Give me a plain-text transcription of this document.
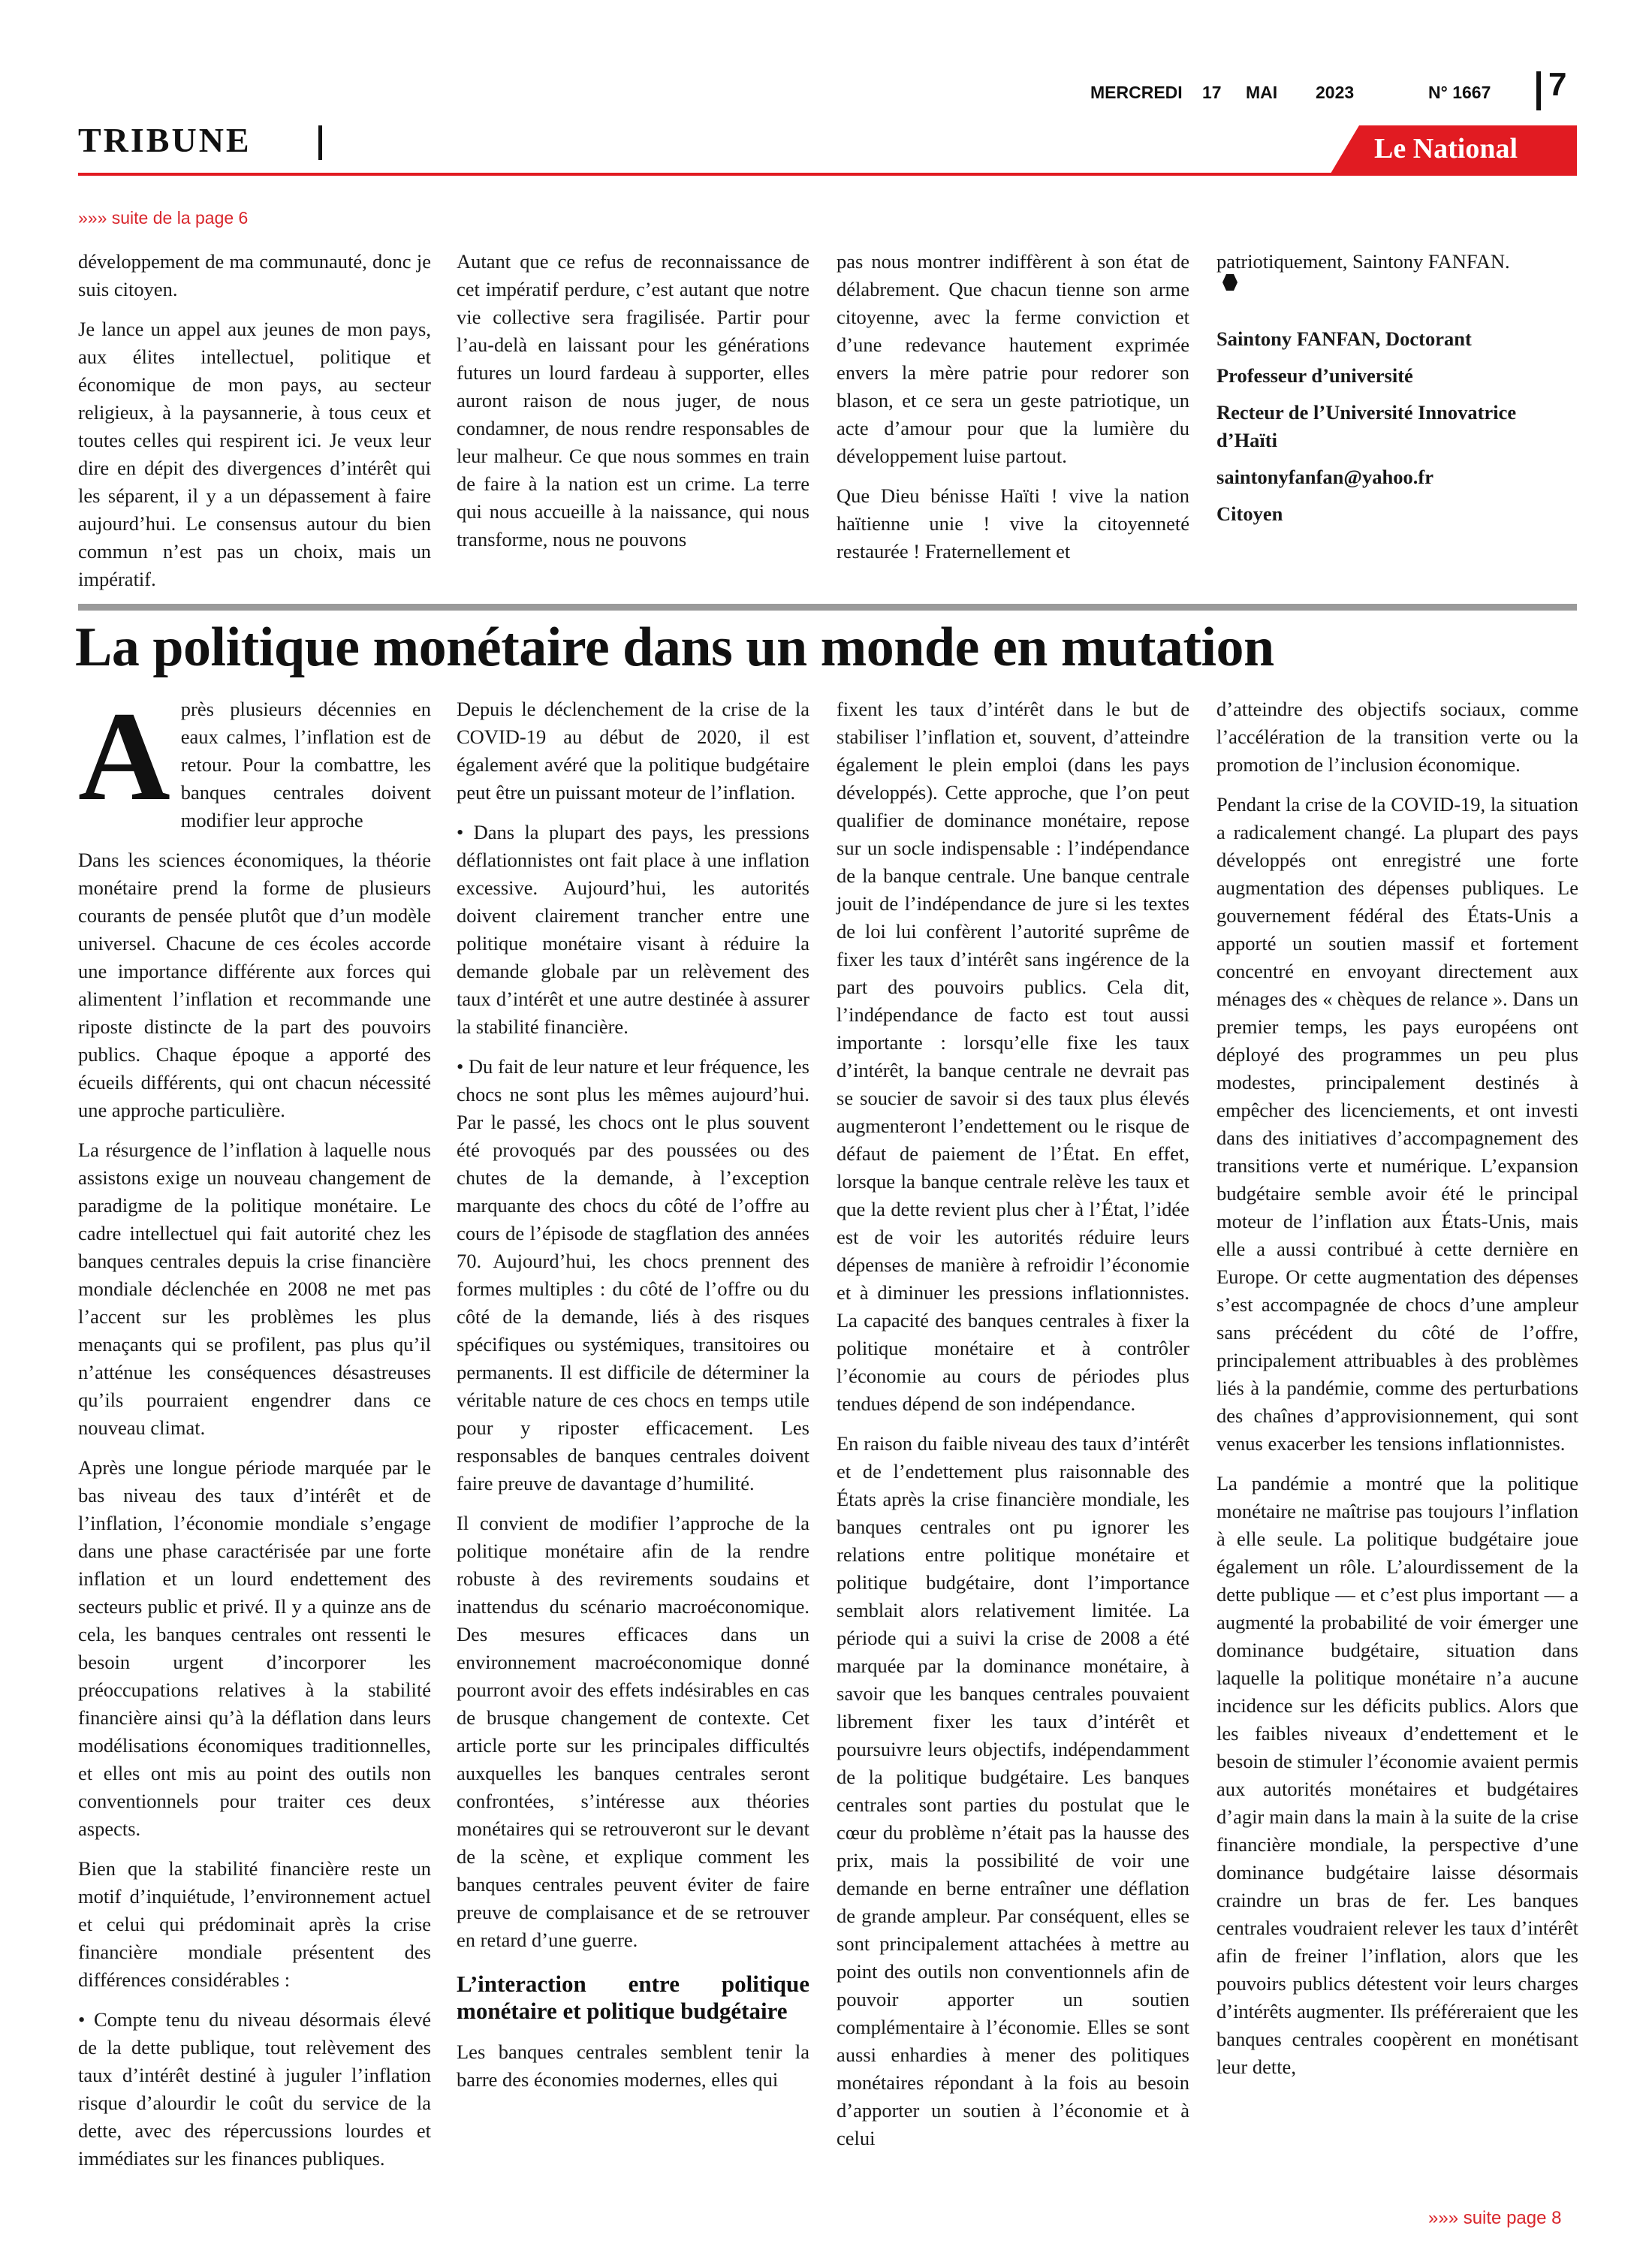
MERCREDI 17 MAI 2023	N° 1667 7
TRIBUNE	Le National
»»» suite de la page 6

développement de ma communauté, donc je suis citoyen.

Je lance un appel aux jeunes de mon pays, aux élites intellectuel, politique et économique de mon pays, au secteur religieux, à la paysannerie, à tous ceux et toutes celles qui respirent ici. Je veux leur dire en dépit des divergences d’intérêt qui les séparent, il y a un dépassement à faire aujourd’hui. Le consensus autour du bien commun n’est pas un choix, mais un impératif.

Autant que ce refus de reconnaissance de cet impératif perdure, c’est autant que notre vie collective sera fragilisée. Partir pour l’au-delà en laissant pour les générations futures un lourd fardeau à supporter, elles auront raison de nous juger, de nous condamner, de nous rendre responsables de leur malheur. Ce que nous sommes en train de faire à la nation est un crime. La terre qui nous accueille à la naissance, qui nous transforme, nous ne pouvons

pas nous montrer indiffèrent à son état de délabrement. Que chacun tienne son arme citoyenne, avec la ferme conviction et d’une redevance hautement exprimée envers la mère patrie pour redorer son blason, et ce sera un geste patriotique, un acte d’amour pour que la lumière du développement luise partout.

Que Dieu bénisse Haïti ! vive la nation haïtienne unie ! vive la citoyenneté restaurée ! Fraternellement et

patriotiquement, Saintony FANFAN.

Saintony FANFAN, Doctorant

Professeur d’université

Recteur de l’Université Innovatrice d’Haïti

saintonyfanfan@yahoo.fr

Citoyen

La politique monétaire dans un monde en mutation

Après plusieurs décennies en eaux calmes, l’inflation est de retour. Pour la combattre, les banques centrales doivent modifier leur approche

Dans les sciences économiques, la théorie monétaire prend la forme de plusieurs courants de pensée plutôt que d’un modèle universel. Chacune de ces écoles accorde une importance différente aux forces qui alimentent l’inflation et recommande une riposte distincte de la part des pouvoirs publics. Chaque époque a apporté des écueils différents, qui ont chacun nécessité une approche particulière.

La résurgence de l’inflation à laquelle nous assistons exige un nouveau changement de paradigme de la politique monétaire. Le cadre intellectuel qui fait autorité chez les banques centrales depuis la crise financière mondiale déclenchée en 2008 ne met pas l’accent sur les problèmes les plus menaçants qui se profilent, pas plus qu’il n’atténue les conséquences désastreuses qu’ils pourraient engendrer dans ce nouveau climat.

Après une longue période marquée par le bas niveau des taux d’intérêt et de l’inflation, l’économie mondiale s’engage dans une phase caractérisée par une forte inflation et un lourd endettement des secteurs public et privé. Il y a quinze ans de cela, les banques centrales ont ressenti le besoin urgent d’incorporer les préoccupations relatives à la stabilité financière ainsi qu’à la déflation dans leurs modélisations économiques traditionnelles, et elles ont mis au point des outils non conventionnels pour traiter ces deux aspects.

Bien que la stabilité financière reste un motif d’inquiétude, l’environnement actuel et celui qui prédominait après la crise financière mondiale présentent des différences considérables :

• Compte tenu du niveau désormais élevé de la dette publique, tout relèvement des taux d’intérêt destiné à juguler l’inflation risque d’alourdir le coût du service de la dette, avec des répercussions lourdes et immédiates sur les finances publiques.

Depuis le déclenchement de la crise de la COVID-19 au début de 2020, il est également avéré que la politique budgétaire peut être un puissant moteur de l’inflation.

• Dans la plupart des pays, les pressions déflationnistes ont fait place à une inflation excessive. Aujourd’hui, les autorités doivent clairement trancher entre une politique monétaire visant à réduire la demande globale par un relèvement des taux d’intérêt et une autre destinée à assurer la stabilité financière.

• Du fait de leur nature et leur fréquence, les chocs ne sont plus les mêmes aujourd’hui. Par le passé, les chocs ont le plus souvent été provoqués par des poussées ou des chutes de la demande, à l’exception marquante des chocs du côté de l’offre au cours de l’épisode de stagflation des années 70. Aujourd’hui, les chocs prennent des formes multiples : du côté de l’offre ou du côté de la demande, liés à des risques spécifiques ou systémiques, transitoires ou permanents. Il est difficile de déterminer la véritable nature de ces chocs en temps utile pour y riposter efficacement. Les responsables de banques centrales doivent faire preuve de davantage d’humilité.

Il convient de modifier l’approche de la politique monétaire afin de la rendre robuste à des revirements soudains et inattendus du scénario macroéconomique. Des mesures efficaces dans un environnement macroéconomique donné pourront avoir des effets indésirables en cas de brusque changement de contexte. Cet article porte sur les principales difficultés auxquelles les banques centrales seront confrontées, s’intéresse aux théories monétaires qui se retrouveront sur le devant de la scène, et explique comment les banques centrales peuvent éviter de faire preuve de complaisance et de se retrouver en retard d’une guerre.

L’interaction entre politique monétaire et politique budgétaire

Les banques centrales semblent tenir la barre des économies modernes, elles qui

fixent les taux d’intérêt dans le but de stabiliser l’inflation et, souvent, d’atteindre également le plein emploi (dans les pays développés). Cette approche, que l’on peut qualifier de dominance monétaire, repose sur un socle indispensable : l’indépendance de la banque centrale. Une banque centrale jouit de l’indépendance de jure si les textes de loi lui confèrent l’autorité suprême de fixer les taux d’intérêt sans ingérence de la part des pouvoirs publics. Cela dit, l’indépendance de facto est tout aussi importante : lorsqu’elle fixe les taux d’intérêt, la banque centrale ne devrait pas se soucier de savoir si des taux plus élevés augmenteront l’endettement ou le risque de défaut de paiement de l’État. En effet, lorsque la banque centrale relève les taux et que la dette revient plus cher à l’État, l’idée est de voir les autorités réduire leurs dépenses de manière à refroidir l’économie et à diminuer les pressions inflationnistes. La capacité des banques centrales à fixer la politique monétaire et à contrôler l’économie au cours de périodes plus tendues dépend de son indépendance.

En raison du faible niveau des taux d’intérêt et de l’endettement plus raisonnable des États après la crise financière mondiale, les banques centrales ont pu ignorer les relations entre politique monétaire et politique budgétaire, dont l’importance semblait alors relativement limitée. La période qui a suivi la crise de 2008 a été marquée par la dominance monétaire, à savoir que les banques centrales pouvaient librement fixer les taux d’intérêt et poursuivre leurs objectifs, indépendamment de la politique budgétaire. Les banques centrales sont parties du postulat que le cœur du problème n’était pas la hausse des prix, mais la possibilité de voir une demande en berne entraîner une déflation de grande ampleur. Par conséquent, elles se sont principalement attachées à mettre au point des outils non conventionnels afin de pouvoir apporter un soutien complémentaire à l’économie. Elles se sont aussi enhardies à mener des politiques monétaires répondant à la fois au besoin d’apporter un soutien à l’économie et à celui

d’atteindre des objectifs sociaux, comme l’accélération de la transition verte ou la promotion de l’inclusion économique.

Pendant la crise de la COVID-19, la situation a radicalement changé. La plupart des pays développés ont enregistré une forte augmentation des dépenses publiques. Le gouvernement fédéral des États-Unis a apporté un soutien massif et fortement concentré en envoyant directement aux ménages des « chèques de relance ». Dans un premier temps, les pays européens ont déployé des programmes un peu plus modestes, principalement destinés à empêcher des licenciements, et ont investi dans des initiatives d’accompagnement des transitions verte et numérique. L’expansion budgétaire semble avoir été le principal moteur de l’inflation aux États-Unis, mais elle a aussi contribué à cette dernière en Europe. Or cette augmentation des dépenses s’est accompagnée de chocs d’une ampleur sans précédent du côté de l’offre, principalement attribuables à des problèmes liés à la pandémie, comme des perturbations des chaînes d’approvisionnement, qui sont venus exacerber les tensions inflationnistes.

La pandémie a montré que la politique monétaire ne maîtrise pas toujours l’inflation à elle seule. La politique budgétaire joue également un rôle. L’alourdissement de la dette publique — et c’est plus important — a augmenté la probabilité de voir émerger une dominance budgétaire, situation dans laquelle la politique monétaire n’a aucune incidence sur les déficits publics. Alors que les faibles niveaux d’endettement et le besoin de stimuler l’économie avaient permis aux autorités monétaires et budgétaires d’agir main dans la main à la suite de la crise financière mondiale, la perspective d’une dominance budgétaire laisse désormais craindre un bras de fer. Les banques centrales voudraient relever les taux d’intérêt afin de freiner l’inflation, alors que les pouvoirs publics détestent voir leurs charges d’intérêts augmenter. Ils préféreraient que les banques centrales coopèrent en monétisant leur dette,

»»» suite page 8
